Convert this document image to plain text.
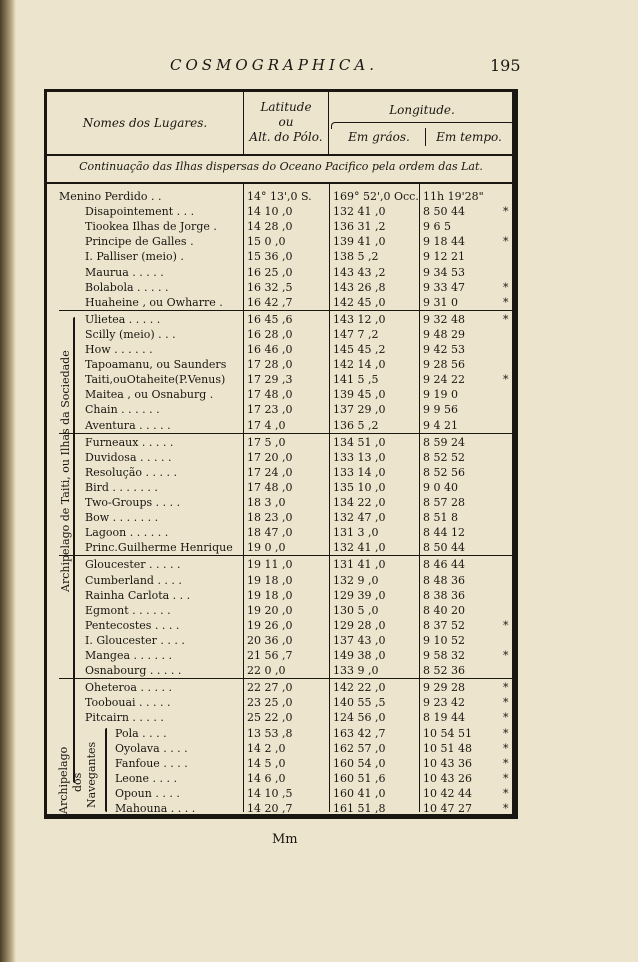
COSMOGRAPHICA.	195
Nomes dos Lugares.
Latitude
ou
Alt. do Pólo.
Longitude.
Em gráos.	Em tempo.
Continuação das Ilhas dispersas do Oceano Pacifico pela ordem das Lat.
Menino Perdido . .	14° 13',0 S.	169° 52',0 Occ. 11h 19'28"
Disapointement . . .	14 10 ,0	132 41 ,0	8 50 44	*
Tiookea Ilhas de Jorge .	14 28 ,0	136 31 ,2	9 6 5
Principe de Galles .	15 0 ,0	139 41 ,0	9 18 44	*
I. Palliser (meio) .	15 36 ,0	138 5 ,2	9 12 21
Maurua . . . . .	16 25 ,0	143 43 ,2	9 34 53
Bolabola . . . . .	16 32 ,5	143 26 ,8	9 33 47	*
Huaheine , ou Owharre . 16 42 ,7	142 45 ,0	9 31 0	*
Ulietea . . . . .	16 45 ,6	143 12 ,0	9 32 48	*
Scilly (meio) . . .	16 28 ,0	147 7 ,2	9 48 29
How . . . . . .	16 46 ,0	145 45 ,2	9 42 53
Tapoamanu, ou Saunders 17 28 ,0	142 14 ,0	9 28 56
Taiti,ouOtaheite(P.Venus) 17 29 ,3	141 5 ,5	9 24 22	*
Maitea , ou Osnaburg .	17 48 ,0	139 45 ,0	9 19 0
Chain . . . . . .	17 23 ,0	137 29 ,0	9 9 56
Aventura . . . . .	17 4 ,0	136 5 ,2	9 4 21
Furneaux . . . . .	17 5 ,0	134 51 ,0	8 59 24
Duvidosa . . . . .	17 20 ,0	133 13 ,0	8 52 52
Resolução . . . . .	17 24 ,0	133 14 ,0	8 52 56
Bird . . . . . . .	17 48 ,0	135 10 ,0	9 0 40
Two-Groups . . . .	18 3 ,0	134 22 ,0	8 57 28
Bow . . . . . . .	18 23 ,0	132 47 ,0	8 51 8
Lagoon . . . . . .	18 47 ,0	131 3 ,0	8 44 12
Princ.Guilherme Henrique 19 0 ,0	132 41 ,0	8 50 44
Gloucester . . . . .	19 11 ,0	131 41 ,0	8 46 44
Cumberland . . . .	19 18 ,0	132 9 ,0	8 48 36
Rainha Carlota . . .	19 18 ,0	129 39 ,0	8 38 36
Egmont . . . . . .	19 20 ,0	130 5 ,0	8 40 20
Pentecostes . . . .	19 26 ,0	129 28 ,0	8 37 52	*
I. Gloucester . . . .	20 36 ,0	137 43 ,0	9 10 52
Mangea . . . . . .	21 56 ,7	149 38 ,0	9 58 32	*
Osnabourg . . . . .	22 0 ,0	133 9 ,0	8 52 36
Oheteroa . . . . .	22 27 ,0	142 22 ,0	9 29 28	*
Toobouai . . . . .	23 25 ,0	140 55 ,5	9 23 42	*
Pitcairn . . . . .	25 22 ,0	124 56 ,0	8 19 44	*
Pola . . . .	13 53 ,8	163 42 ,7	10 54 51	*
Oyolava . . . .	14 2 ,0	162 57 ,0	10 51 48	*
Fanfoue . . . .	14 5 ,0	160 54 ,0	10 43 36	*
Leone . . . .	14 6 ,0	160 51 ,6	10 43 26	*
Opoun . . . .	14 10 ,5	160 41 ,0	10 42 44	*
Mahouna . . . .	14 20 ,7	161 51 ,8	10 47 27	*
Archipelago de Taiti, ou Ilhas da Sociedade
Archipelago dos Navegantes
Mm
